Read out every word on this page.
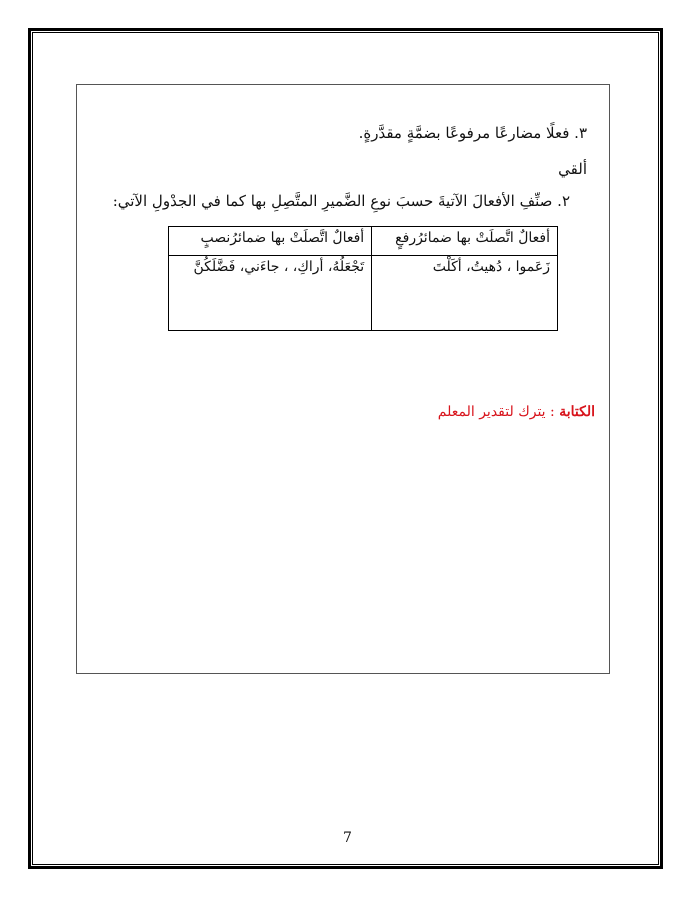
٣. فعلًا مضارعًا مرفوعًا بضمَّةٍ مقدَّرةٍ.
ألقي
٢. صنِّفِ الأفعالَ الآتيةَ حسبَ نوعِ الضَّميرِ المتَّصِلِ بها كما في الجدْولِ الآتي:
أفعالٌ اتَّصلَتْ بها ضمائرُرفعٍ	أفعالٌ اتَّصلَتْ بها ضمائرُنصبٍ
زَعَموا ، دُهيتُ، أكَلْتَ	تَجْعَلُهُ، أراكِ، ، جاءَني، فَضَّلَكُنَّ
الكتابة : يترك لتقدير المعلم
7
